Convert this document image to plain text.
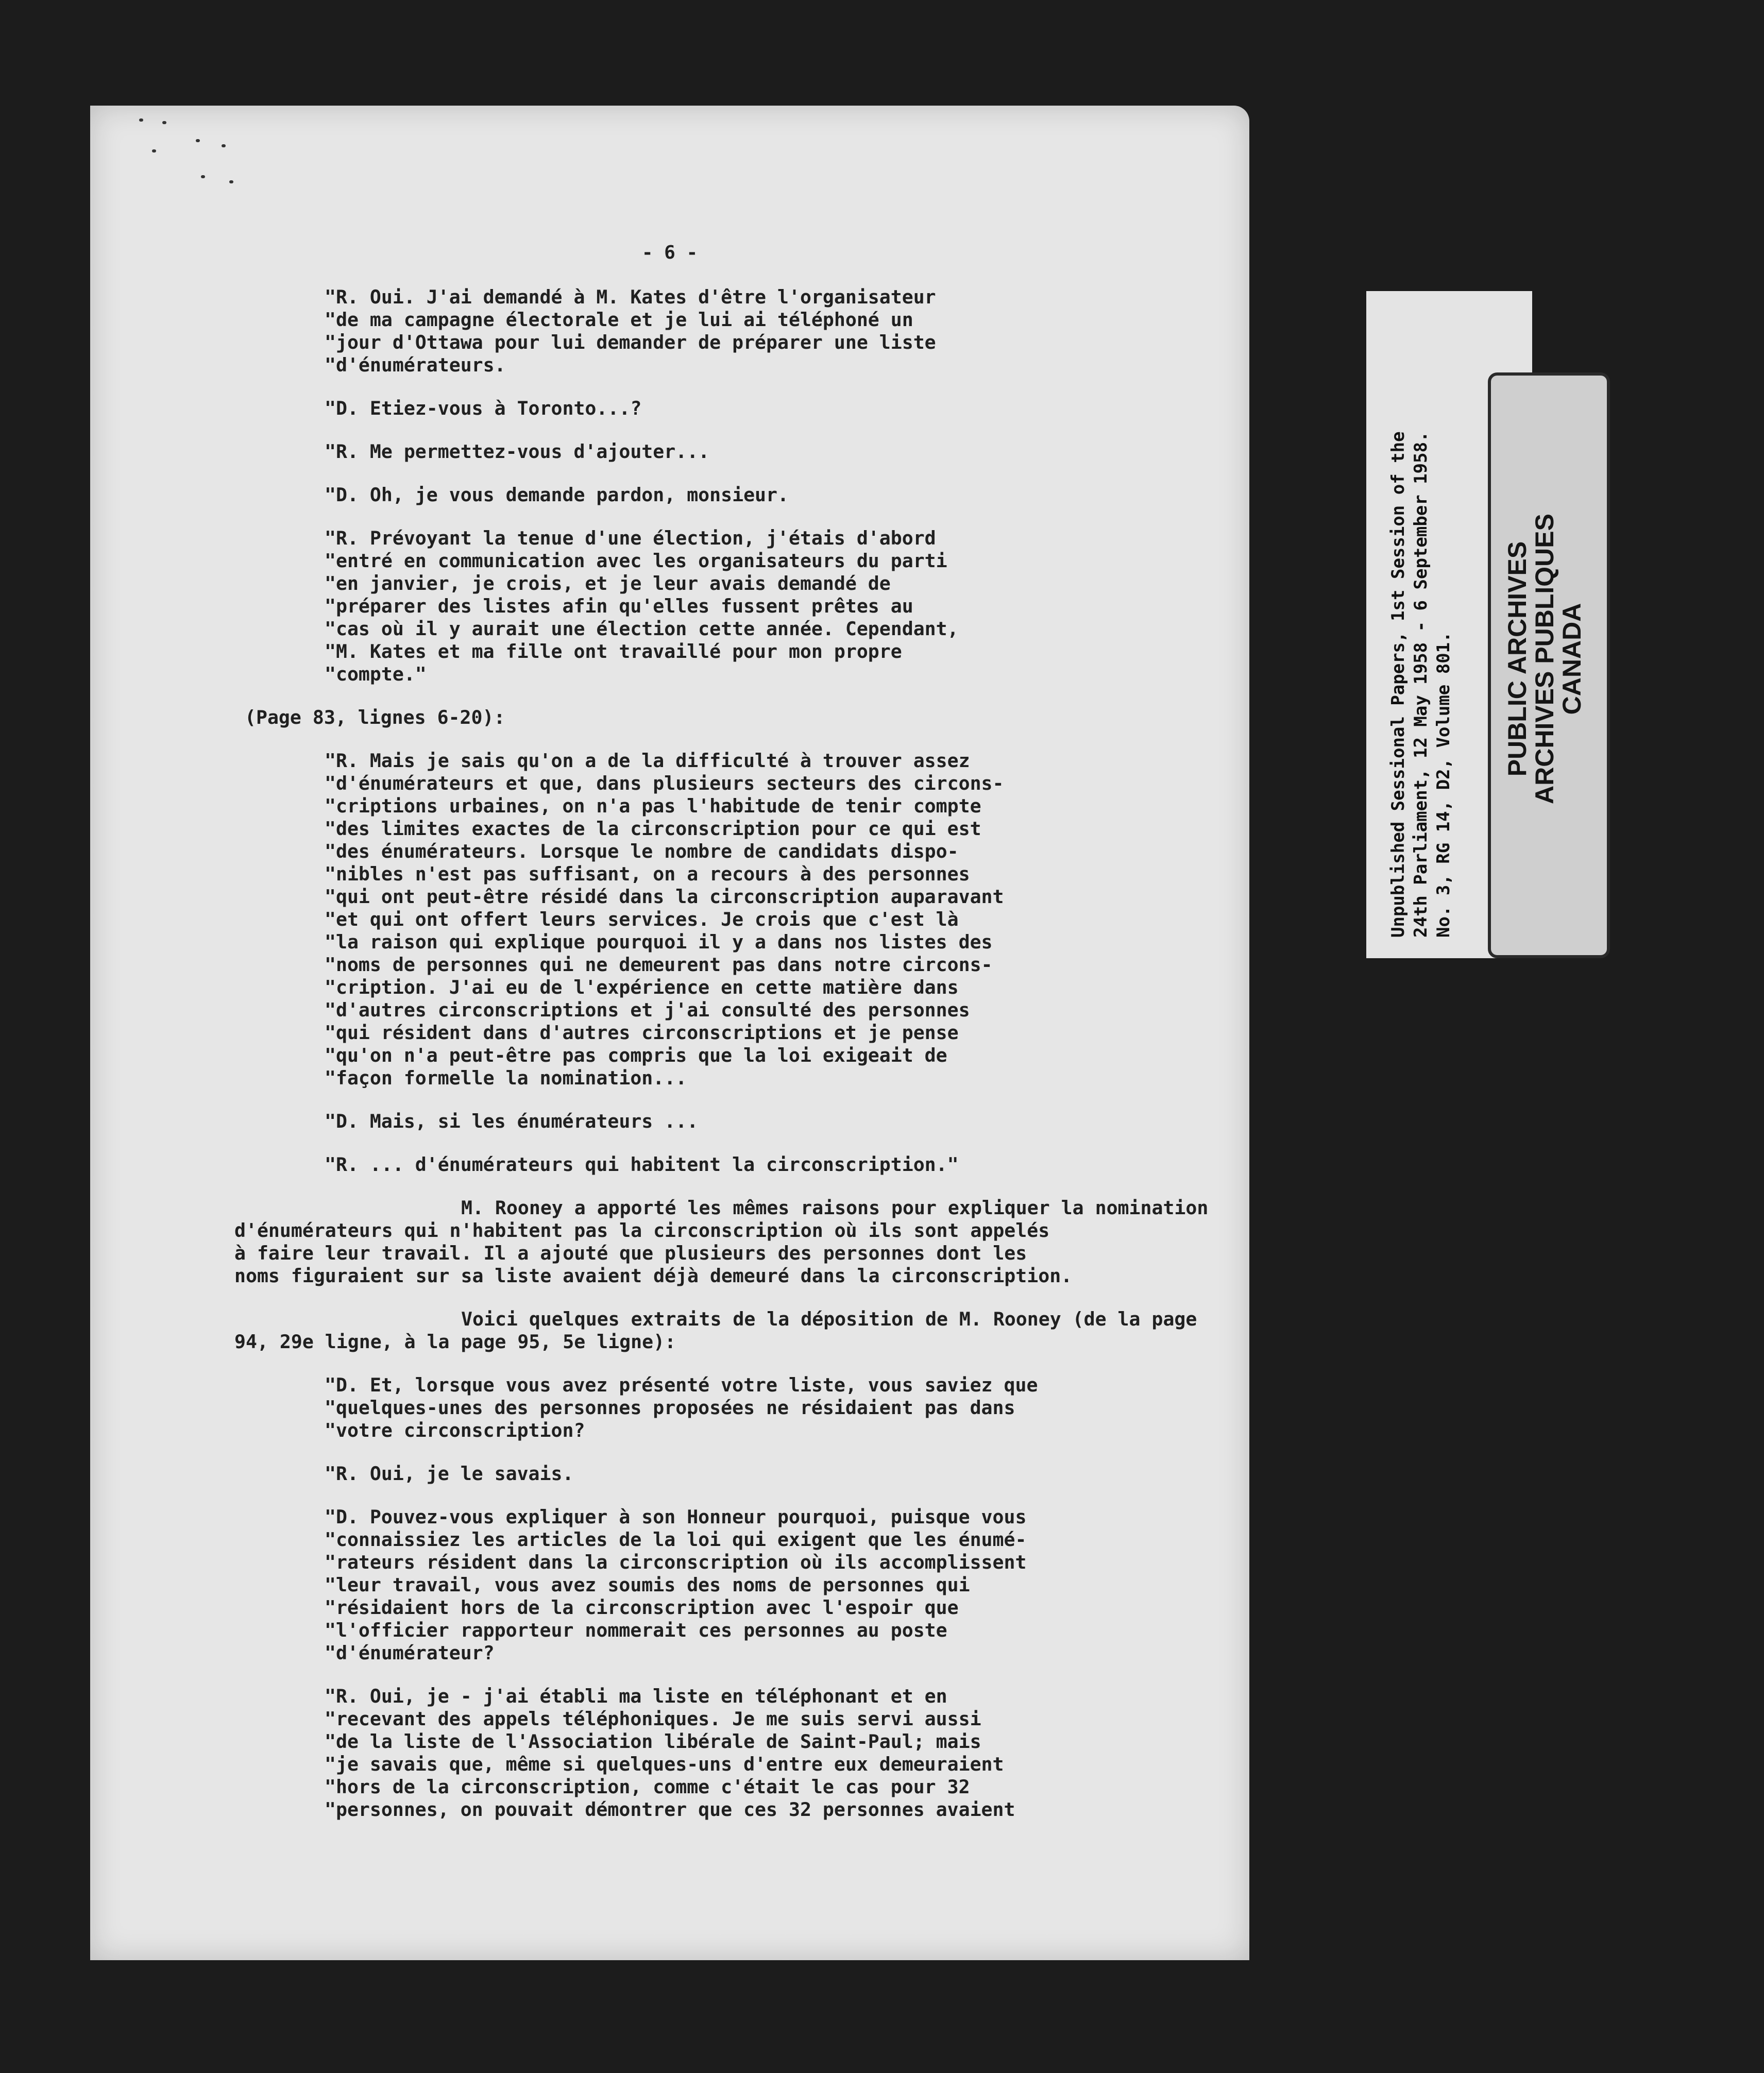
- 6 -
"R. Oui. J'ai demandé à M. Kates d'être l'organisateur
"de ma campagne électorale et je lui ai téléphoné un
"jour d'Ottawa pour lui demander de préparer une liste
"d'énumérateurs.
"D. Etiez-vous à Toronto...?
"R. Me permettez-vous d'ajouter...
"D. Oh, je vous demande pardon, monsieur.
"R. Prévoyant la tenue d'une élection, j'étais d'abord
"entré en communication avec les organisateurs du parti
"en janvier, je crois, et je leur avais demandé de
"préparer des listes afin qu'elles fussent prêtes au
"cas où il y aurait une élection cette année. Cependant,
"M. Kates et ma fille ont travaillé pour mon propre
"compte."
(Page 83, lignes 6-20):
"R. Mais je sais qu'on a de la difficulté à trouver assez
"d'énumérateurs et que, dans plusieurs secteurs des circons-
"criptions urbaines, on n'a pas l'habitude de tenir compte
"des limites exactes de la circonscription pour ce qui est
"des énumérateurs. Lorsque le nombre de candidats dispo-
"nibles n'est pas suffisant, on a recours à des personnes
"qui ont peut-être résidé dans la circonscription auparavant
"et qui ont offert leurs services. Je crois que c'est là
"la raison qui explique pourquoi il y a dans nos listes des
"noms de personnes qui ne demeurent pas dans notre circons-
"cription. J'ai eu de l'expérience en cette matière dans
"d'autres circonscriptions et j'ai consulté des personnes
"qui résident dans d'autres circonscriptions et je pense
"qu'on n'a peut-être pas compris que la loi exigeait de
"façon formelle la nomination...
"D. Mais, si les énumérateurs ...
"R. ... d'énumérateurs qui habitent la circonscription."
M. Rooney a apporté les mêmes raisons pour expliquer la nomination
d'énumérateurs qui n'habitent pas la circonscription où ils sont appelés
à faire leur travail. Il a ajouté que plusieurs des personnes dont les
noms figuraient sur sa liste avaient déjà demeuré dans la circonscription.
Voici quelques extraits de la déposition de M. Rooney (de la page
94, 29e ligne, à la page 95, 5e ligne):
"D. Et, lorsque vous avez présenté votre liste, vous saviez que
"quelques-unes des personnes proposées ne résidaient pas dans
"votre circonscription?
"R. Oui, je le savais.
"D. Pouvez-vous expliquer à son Honneur pourquoi, puisque vous
"connaissiez les articles de la loi qui exigent que les énumé-
"rateurs résident dans la circonscription où ils accomplissent
"leur travail, vous avez soumis des noms de personnes qui
"résidaient hors de la circonscription avec l'espoir que
"l'officier rapporteur nommerait ces personnes au poste
"d'énumérateur?
"R. Oui, je - j'ai établi ma liste en téléphonant et en
"recevant des appels téléphoniques. Je me suis servi aussi
"de la liste de l'Association libérale de Saint-Paul; mais
"je savais que, même si quelques-uns d'entre eux demeuraient
"hors de la circonscription, comme c'était le cas pour 32
"personnes, on pouvait démontrer que ces 32 personnes avaient
Unpublished Sessional Papers, 1st Session of the 24th Parliament, 12 May 1958 - 6 September 1958. No. 3, RG 14, D2, Volume 801. PUBLIC ARCHIVES
ARCHIVES PUBLIQUES
CANADA
